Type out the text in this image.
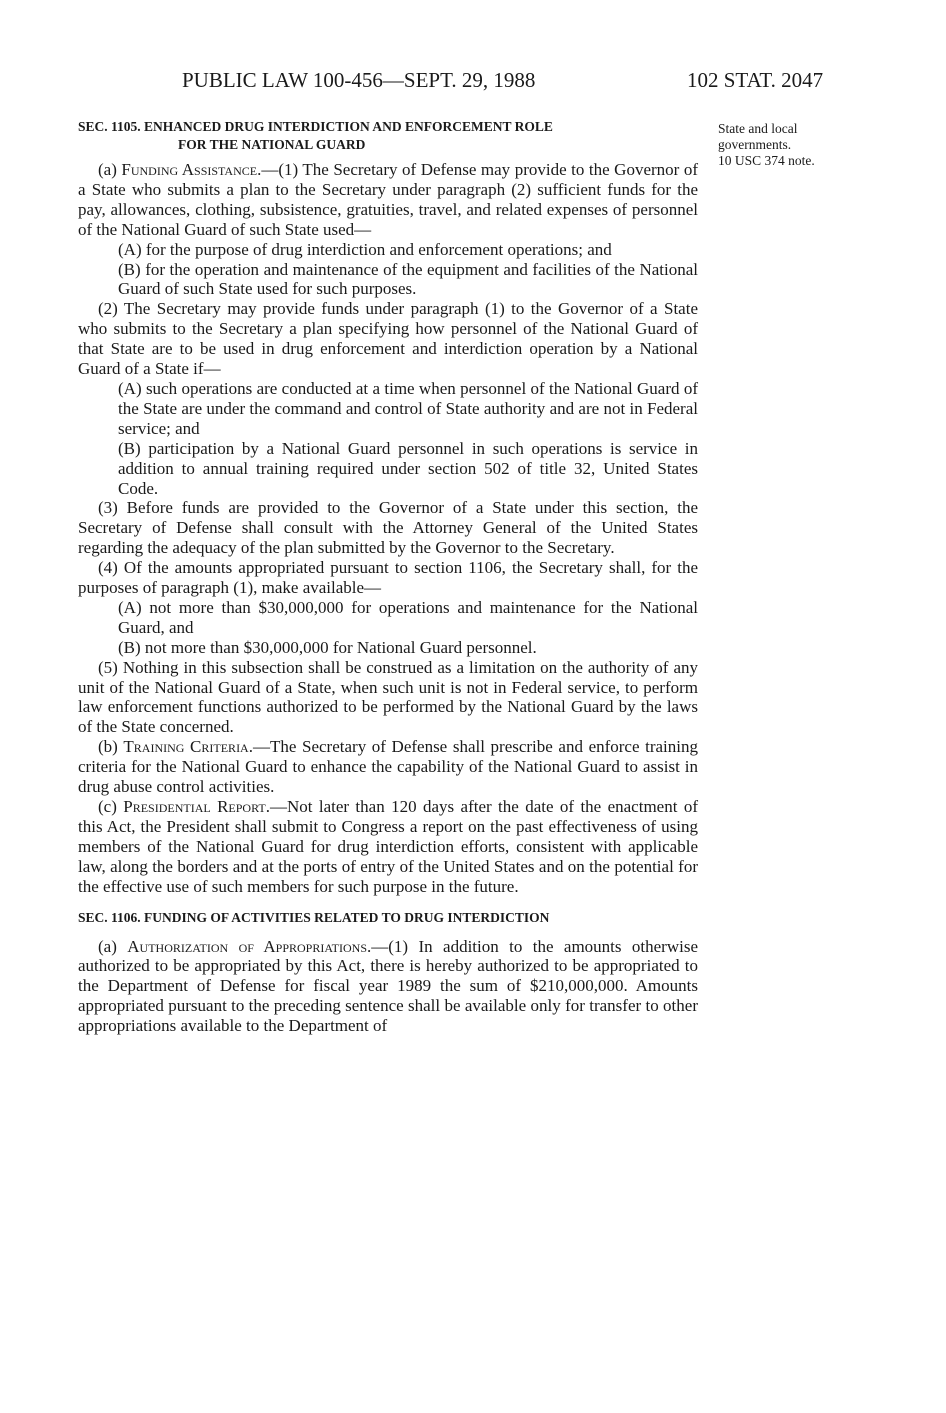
PUBLIC LAW 100-456—SEPT. 29, 1988	102 STAT. 2047
State and local
governments.
10 USC 374 note.
SEC. 1105. ENHANCED DRUG INTERDICTION AND ENFORCEMENT ROLE
FOR THE NATIONAL GUARD

(a) Funding Assistance.—(1) The Secretary of Defense may provide to the Governor of a State who submits a plan to the Secretary under paragraph (2) sufficient funds for the pay, allowances, clothing, subsistence, gratuities, travel, and related expenses of personnel of the National Guard of such State used—

(A) for the purpose of drug interdiction and enforcement operations; and

(B) for the operation and maintenance of the equipment and facilities of the National Guard of such State used for such purposes.

(2) The Secretary may provide funds under paragraph (1) to the Governor of a State who submits to the Secretary a plan specifying how personnel of the National Guard of that State are to be used in drug enforcement and interdiction operation by a National Guard of a State if—

(A) such operations are conducted at a time when personnel of the National Guard of the State are under the command and control of State authority and are not in Federal service; and

(B) participation by a National Guard personnel in such operations is service in addition to annual training required under section 502 of title 32, United States Code.

(3) Before funds are provided to the Governor of a State under this section, the Secretary of Defense shall consult with the Attorney General of the United States regarding the adequacy of the plan submitted by the Governor to the Secretary.

(4) Of the amounts appropriated pursuant to section 1106, the Secretary shall, for the purposes of paragraph (1), make available—

(A) not more than $30,000,000 for operations and maintenance for the National Guard, and

(B) not more than $30,000,000 for National Guard personnel.

(5) Nothing in this subsection shall be construed as a limitation on the authority of any unit of the National Guard of a State, when such unit is not in Federal service, to perform law enforcement functions authorized to be performed by the National Guard by the laws of the State concerned.

(b) Training Criteria.—The Secretary of Defense shall prescribe and enforce training criteria for the National Guard to enhance the capability of the National Guard to assist in drug abuse control activities.

(c) Presidential Report.—Not later than 120 days after the date of the enactment of this Act, the President shall submit to Congress a report on the past effectiveness of using members of the National Guard for drug interdiction efforts, consistent with applicable law, along the borders and at the ports of entry of the United States and on the potential for the effective use of such members for such purpose in the future.

SEC. 1106. FUNDING OF ACTIVITIES RELATED TO DRUG INTERDICTION

(a) Authorization of Appropriations.—(1) In addition to the amounts otherwise authorized to be appropriated by this Act, there is hereby authorized to be appropriated to the Department of Defense for fiscal year 1989 the sum of $210,000,000. Amounts appropriated pursuant to the preceding sentence shall be available only for transfer to other appropriations available to the Department of
